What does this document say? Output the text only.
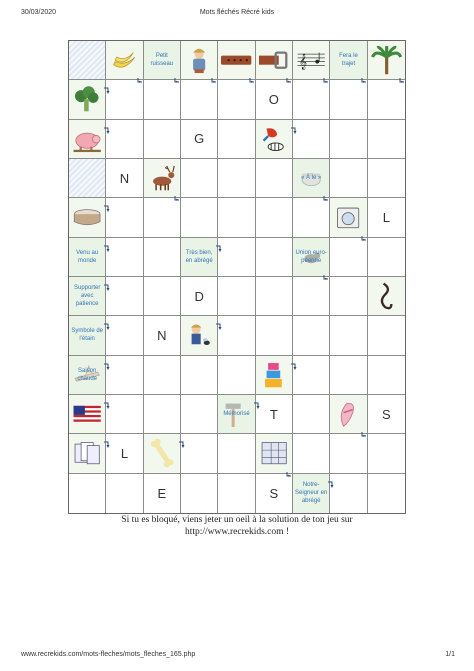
30/03/2020	Mots fléchés Récré kids
Petit ruisseau	𝄞	Fera le trajet
O
G
N	« À le »
L
Venu au monde
Très bien, en abrégé
Union euro-péenne
Supporter avec patience
D
Symbole de l'étain	N
Saison chaude
Mémorisé	T	S
L
E	S
Notre-Seigneur en abrégé
Si tu es bloqué, viens jeter un oeil à la solution de ton jeu sur
http://www.recrekids.com !
www.recrekids.com/mots-fleches/mots_fleches_165.php	1/1
